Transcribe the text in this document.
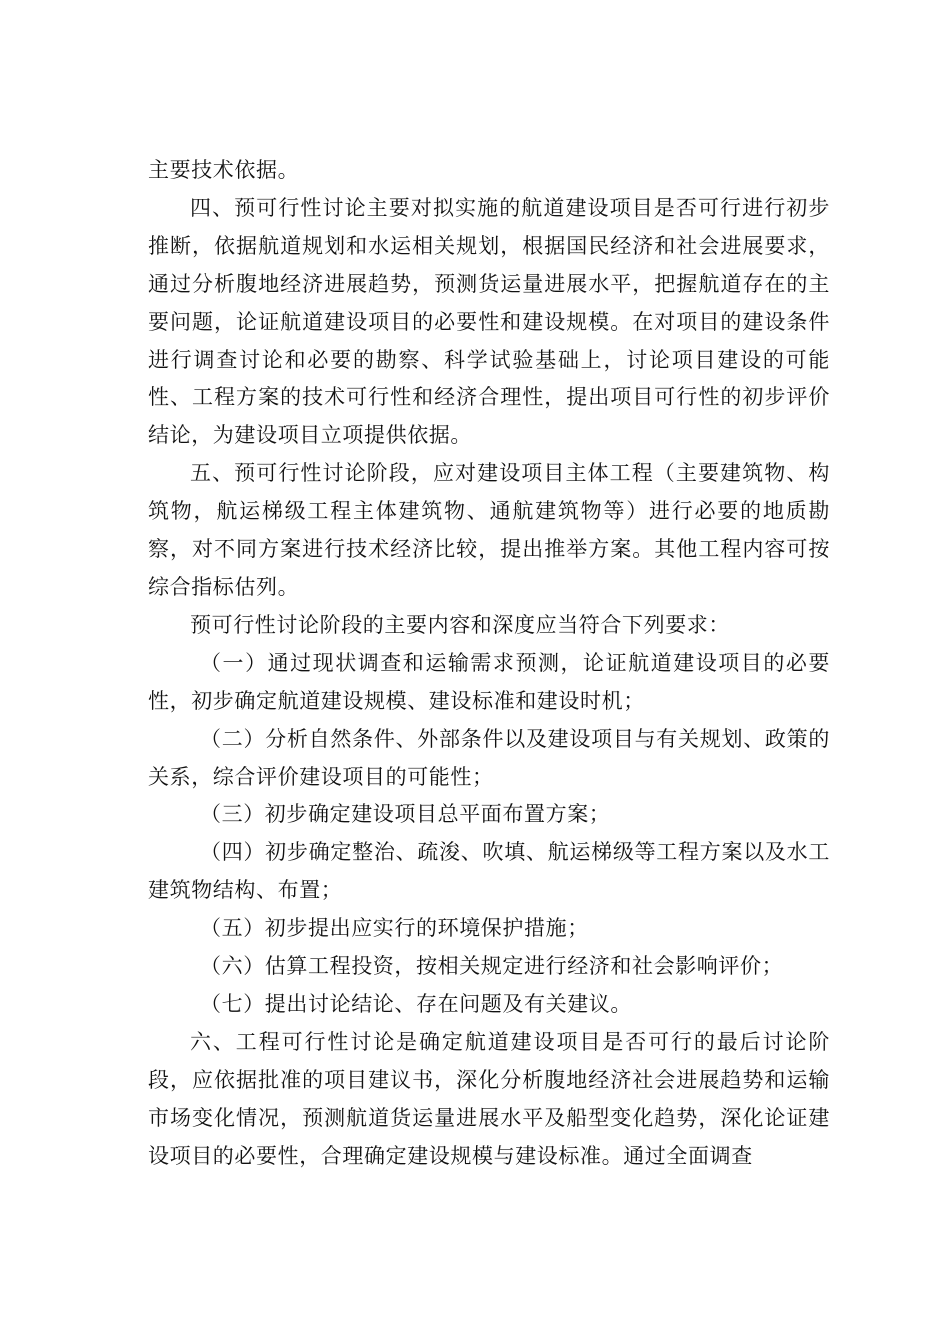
主要技术依据。

四、预可行性讨论主要对拟实施的航道建设项目是否可行进行初步推断，依据航道规划和水运相关规划，根据国民经济和社会进展要求，通过分析腹地经济进展趋势，预测货运量进展水平，把握航道存在的主要问题，论证航道建设项目的必要性和建设规模。在对项目的建设条件进行调查讨论和必要的勘察、科学试验基础上，讨论项目建设的可能性、工程方案的技术可行性和经济合理性，提出项目可行性的初步评价结论，为建设项目立项提供依据。

五、预可行性讨论阶段，应对建设项目主体工程（主要建筑物、构筑物，航运梯级工程主体建筑物、通航建筑物等）进行必要的地质勘察，对不同方案进行技术经济比较，提出推举方案。其他工程内容可按综合指标估列。

预可行性讨论阶段的主要内容和深度应当符合下列要求：

（一）通过现状调查和运输需求预测，论证航道建设项目的必要性，初步确定航道建设规模、建设标准和建设时机；

（二）分析自然条件、外部条件以及建设项目与有关规划、政策的关系，综合评价建设项目的可能性；

（三）初步确定建设项目总平面布置方案；

（四）初步确定整治、疏浚、吹填、航运梯级等工程方案以及水工建筑物结构、布置；

（五）初步提出应实行的环境保护措施；

（六）估算工程投资，按相关规定进行经济和社会影响评价；

（七）提出讨论结论、存在问题及有关建议。

六、工程可行性讨论是确定航道建设项目是否可行的最后讨论阶段，应依据批准的项目建议书，深化分析腹地经济社会进展趋势和运输市场变化情况，预测航道货运量进展水平及船型变化趋势，深化论证建设项目的必要性，合理确定建设规模与建设标准。通过全面调查
